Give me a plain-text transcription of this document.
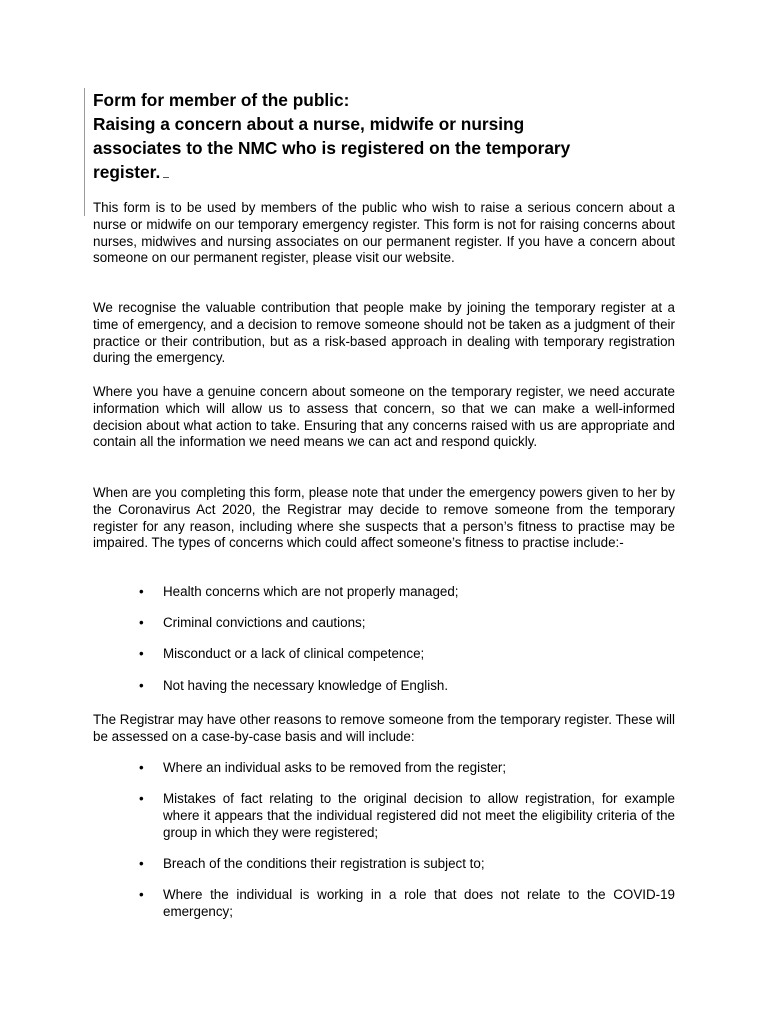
Form for member of the public:
Raising a concern about a nurse, midwife or nursing
associates to the NMC who is registered on the temporary
register.

This form is to be used by members of the public who wish to raise a serious concern about a nurse or midwife on our temporary emergency register. This form is not for raising concerns about nurses, midwives and nursing associates on our permanent register. If you have a concern about someone on our permanent register, please visit our website.

We recognise the valuable contribution that people make by joining the temporary register at a time of emergency, and a decision to remove someone should not be taken as a judgment of their practice or their contribution, but as a risk-based approach in dealing with temporary registration during the emergency.

Where you have a genuine concern about someone on the temporary register, we need accurate information which will allow us to assess that concern, so that we can make a well-informed decision about what action to take. Ensuring that any concerns raised with us are appropriate and contain all the information we need means we can act and respond quickly.

When are you completing this form, please note that under the emergency powers given to her by the Coronavirus Act 2020, the Registrar may decide to remove someone from the temporary register for any reason, including where she suspects that a person’s fitness to practise may be impaired. The types of concerns which could affect someone’s fitness to practise include:-

• Health concerns which are not properly managed;
• Criminal convictions and cautions;
• Misconduct or a lack of clinical competence;
• Not having the necessary knowledge of English.

The Registrar may have other reasons to remove someone from the temporary register. These will be assessed on a case-by-case basis and will include:

• Where an individual asks to be removed from the register;
• Mistakes of fact relating to the original decision to allow registration, for example where it appears that the individual registered did not meet the eligibility criteria of the group in which they were registered;
• Breach of the conditions their registration is subject to;
• Where the individual is working in a role that does not relate to the COVID-19 emergency;
